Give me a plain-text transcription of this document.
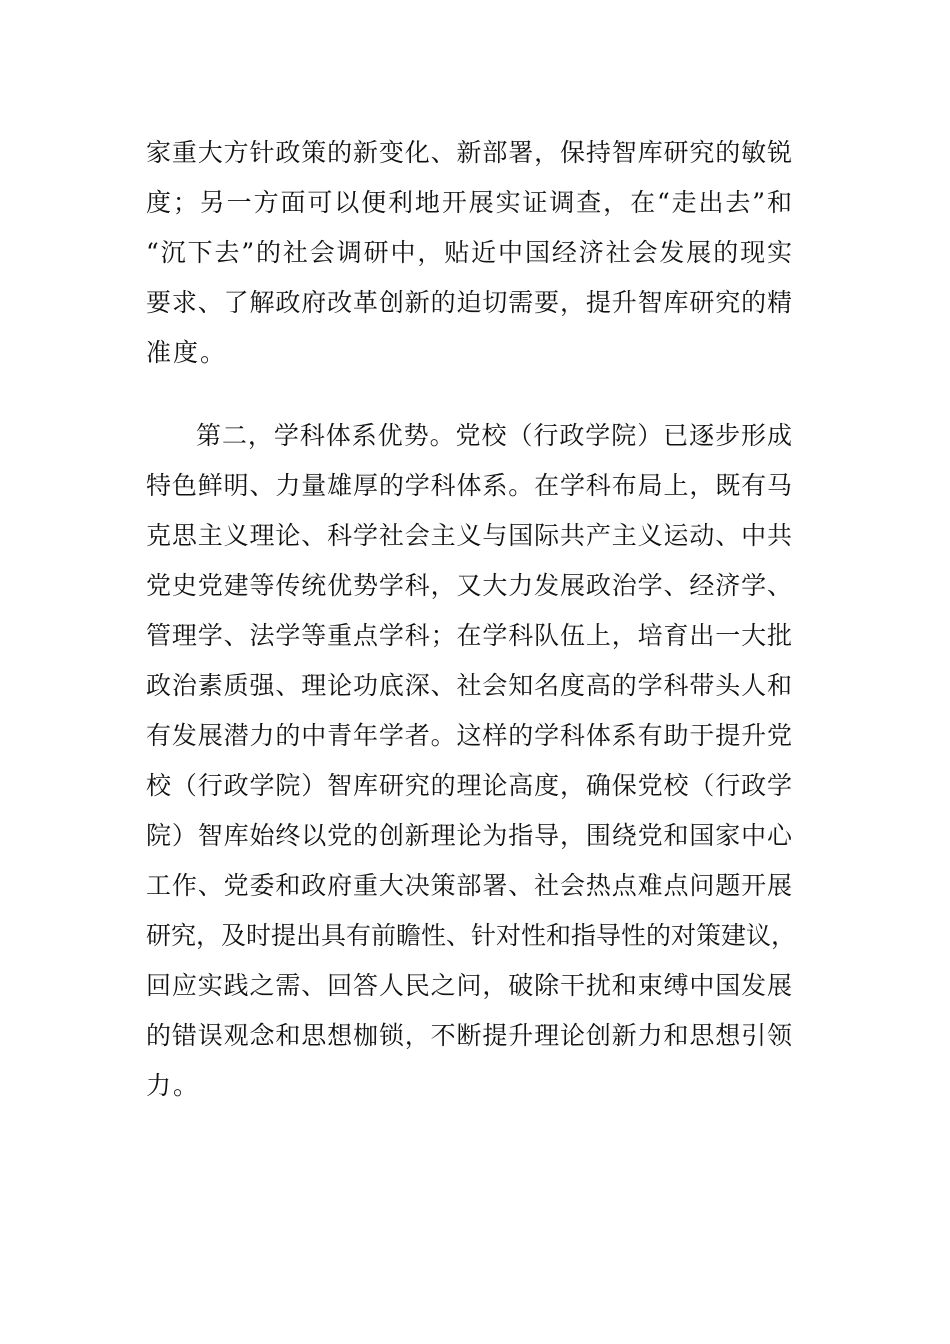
家重大方针政策的新变化、新部署，保持智库研究的敏锐

度；另一方面可以便利地开展实证调查，在“走出去”和

“沉下去”的社会调研中，贴近中国经济社会发展的现实

要求、了解政府改革创新的迫切需要，提升智库研究的精

准度。

第二，学科体系优势。党校（行政学院）已逐步形成

特色鲜明、力量雄厚的学科体系。在学科布局上，既有马

克思主义理论、科学社会主义与国际共产主义运动、中共

党史党建等传统优势学科，又大力发展政治学、经济学、

管理学、法学等重点学科；在学科队伍上，培育出一大批

政治素质强、理论功底深、社会知名度高的学科带头人和

有发展潜力的中青年学者。这样的学科体系有助于提升党

校（行政学院）智库研究的理论高度，确保党校（行政学

院）智库始终以党的创新理论为指导，围绕党和国家中心

工作、党委和政府重大决策部署、社会热点难点问题开展

研究，及时提出具有前瞻性、针对性和指导性的对策建议，

回应实践之需、回答人民之问，破除干扰和束缚中国发展

的错误观念和思想枷锁，不断提升理论创新力和思想引领

力。
